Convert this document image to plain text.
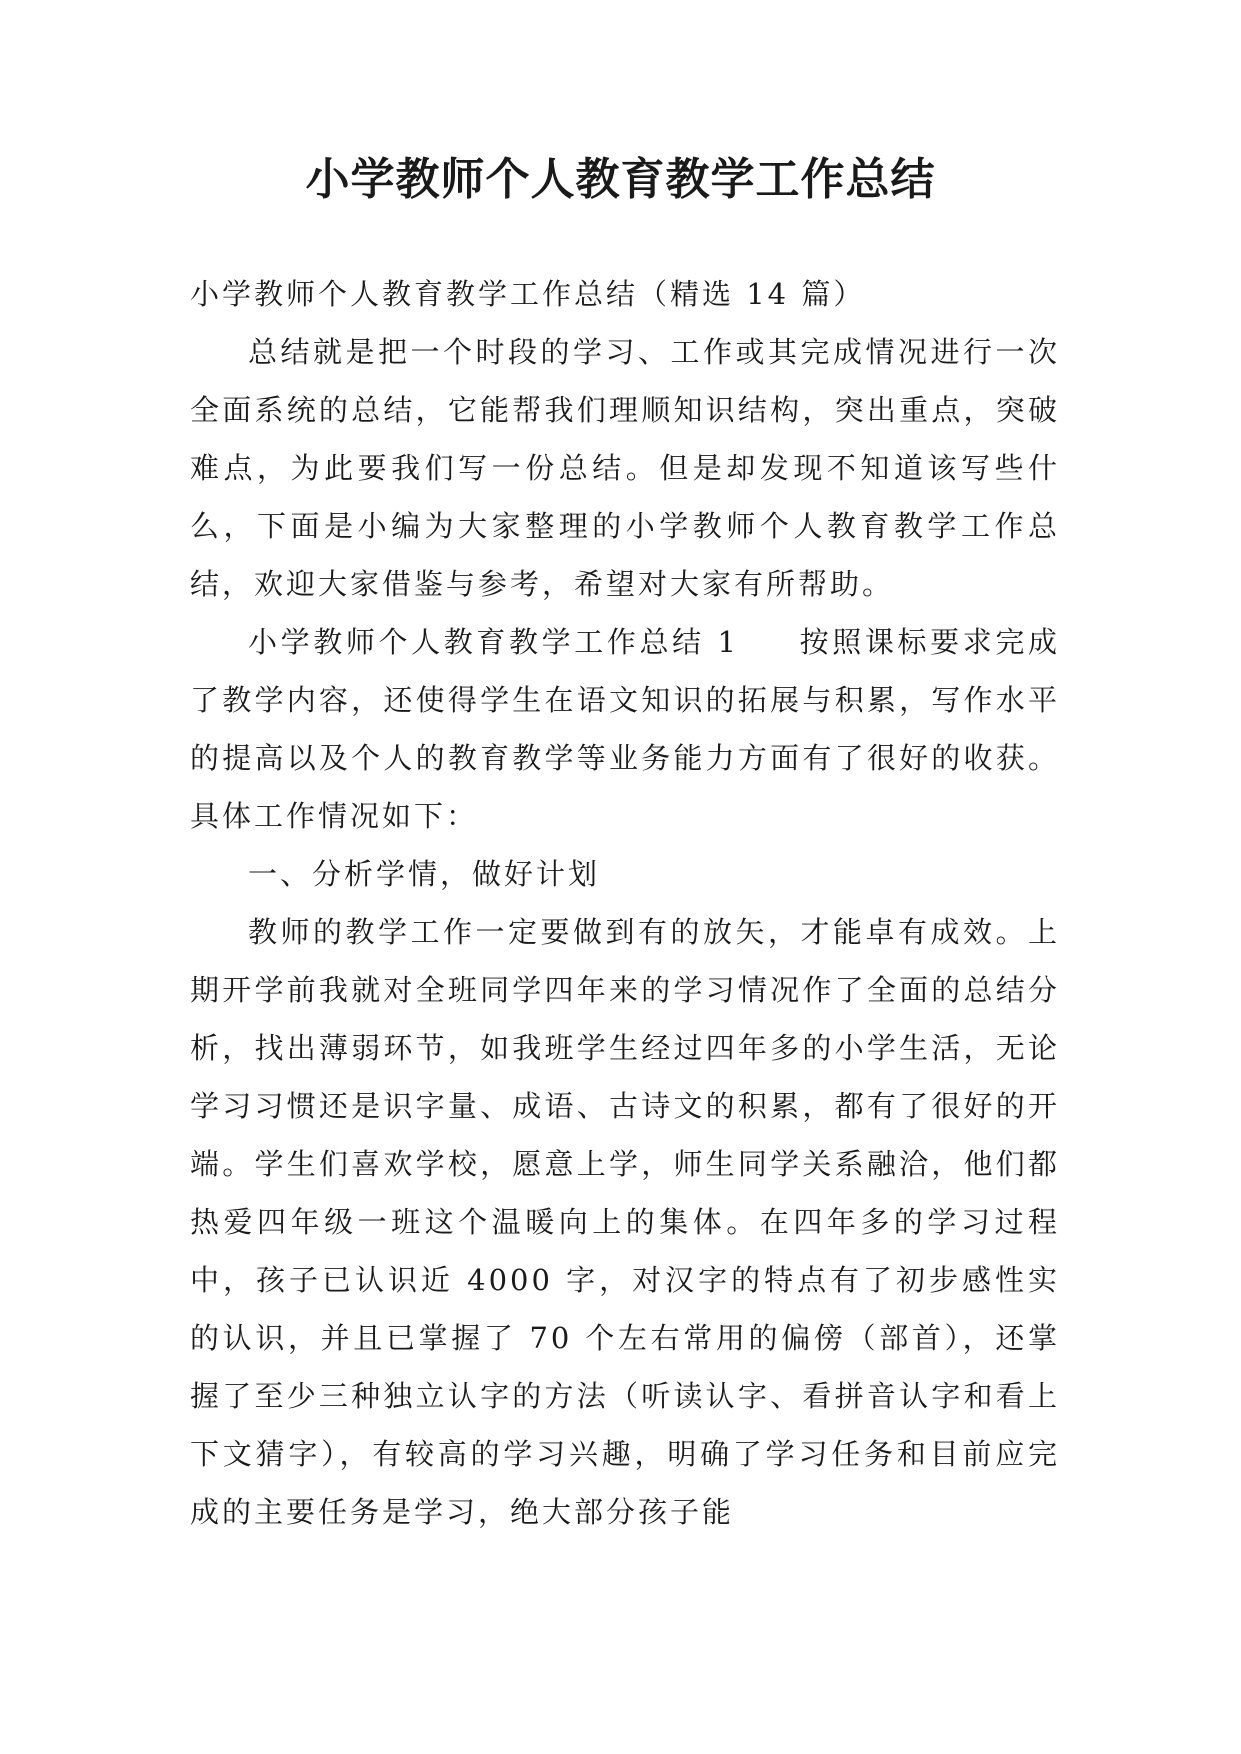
小学教师个人教育教学工作总结

小学教师个人教育教学工作总结（精选 14 篇）

总结就是把一个时段的学习、工作或其完成情况进行一次全面系统的总结，它能帮我们理顺知识结构，突出重点，突破难点，为此要我们写一份总结。但是却发现不知道该写些什么，下面是小编为大家整理的小学教师个人教育教学工作总结，欢迎大家借鉴与参考，希望对大家有所帮助。

小学教师个人教育教学工作总结 1 按照课标要求完成了教学内容，还使得学生在语文知识的拓展与积累，写作水平的提高以及个人的教育教学等业务能力方面有了很好的收获。具体工作情况如下：

一、分析学情，做好计划

教师的教学工作一定要做到有的放矢，才能卓有成效。上期开学前我就对全班同学四年来的学习情况作了全面的总结分析，找出薄弱环节，如我班学生经过四年多的小学生活，无论学习习惯还是识字量、成语、古诗文的积累，都有了很好的开端。学生们喜欢学校，愿意上学，师生同学关系融洽，他们都热爱四年级一班这个温暖向上的集体。在四年多的学习过程中，孩子已认识近 4000 字，对汉字的特点有了初步感性实的认识，并且已掌握了 70 个左右常用的偏傍（部首），还掌握了至少三种独立认字的方法（听读认字、看拼音认字和看上下文猜字），有较高的学习兴趣，明确了学习任务和目前应完成的主要任务是学习，绝大部分孩子能
